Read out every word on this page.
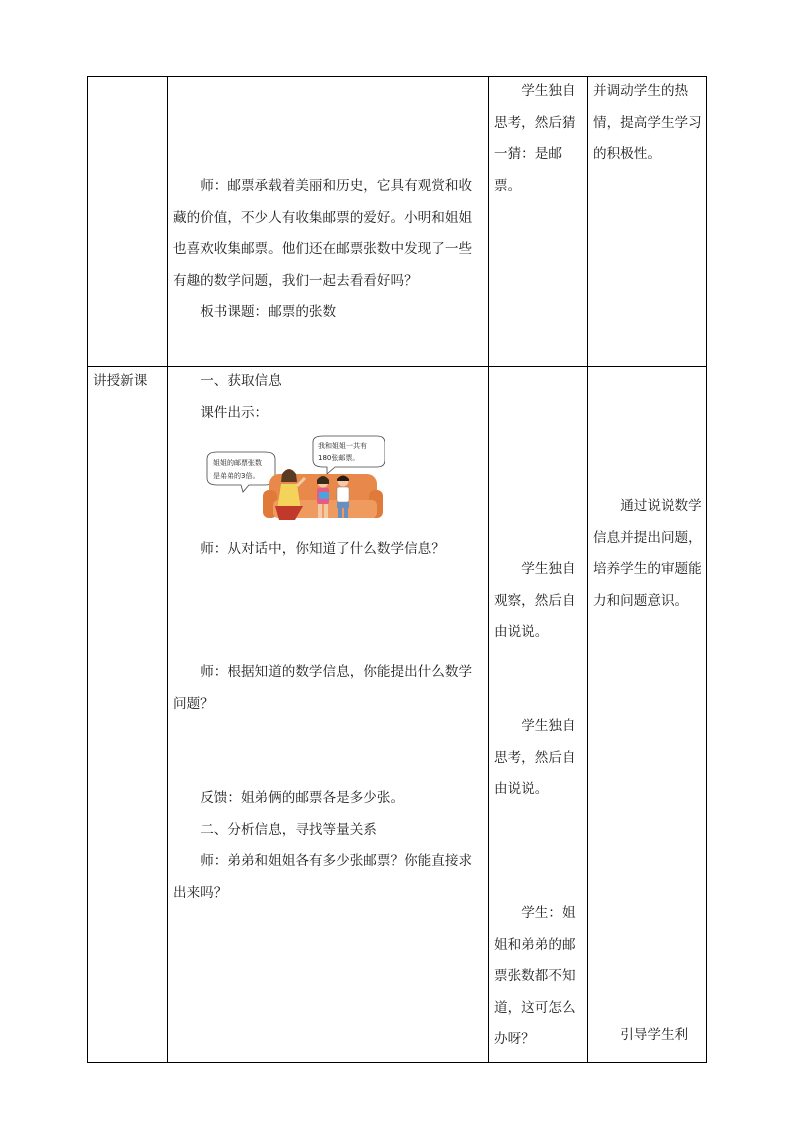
学生独自思考，然后猜一猜：是邮票。
师：邮票承载着美丽和历史，它具有观赏和收藏的价值，不少人有收集邮票的爱好。小明和姐姐也喜欢收集邮票。他们还在邮票张数中发现了一些有趣的数学问题，我们一起去看看好吗？
板书课题：邮票的张数
并调动学生的热情，提高学生学习的积极性。
讲授新课	一、获取信息
课件出示：
姐姐的邮票张数
是弟弟的3倍。
我和姐姐一共有
180张邮票。
师：从对话中，你知道了什么数学信息？
师：根据知道的数学信息，你能提出什么数学问题？
反馈：姐弟俩的邮票各是多少张。
二、分析信息，寻找等量关系
师：弟弟和姐姐各有多少张邮票？你能直接求出来吗？
学生独自观察，然后自由说说。
学生独自思考，然后自由说说。
学生：姐姐和弟弟的邮票张数都不知道，这可怎么办呀？
通过说说数学信息并提出问题，培养学生的审题能力和问题意识。
引导学生利
